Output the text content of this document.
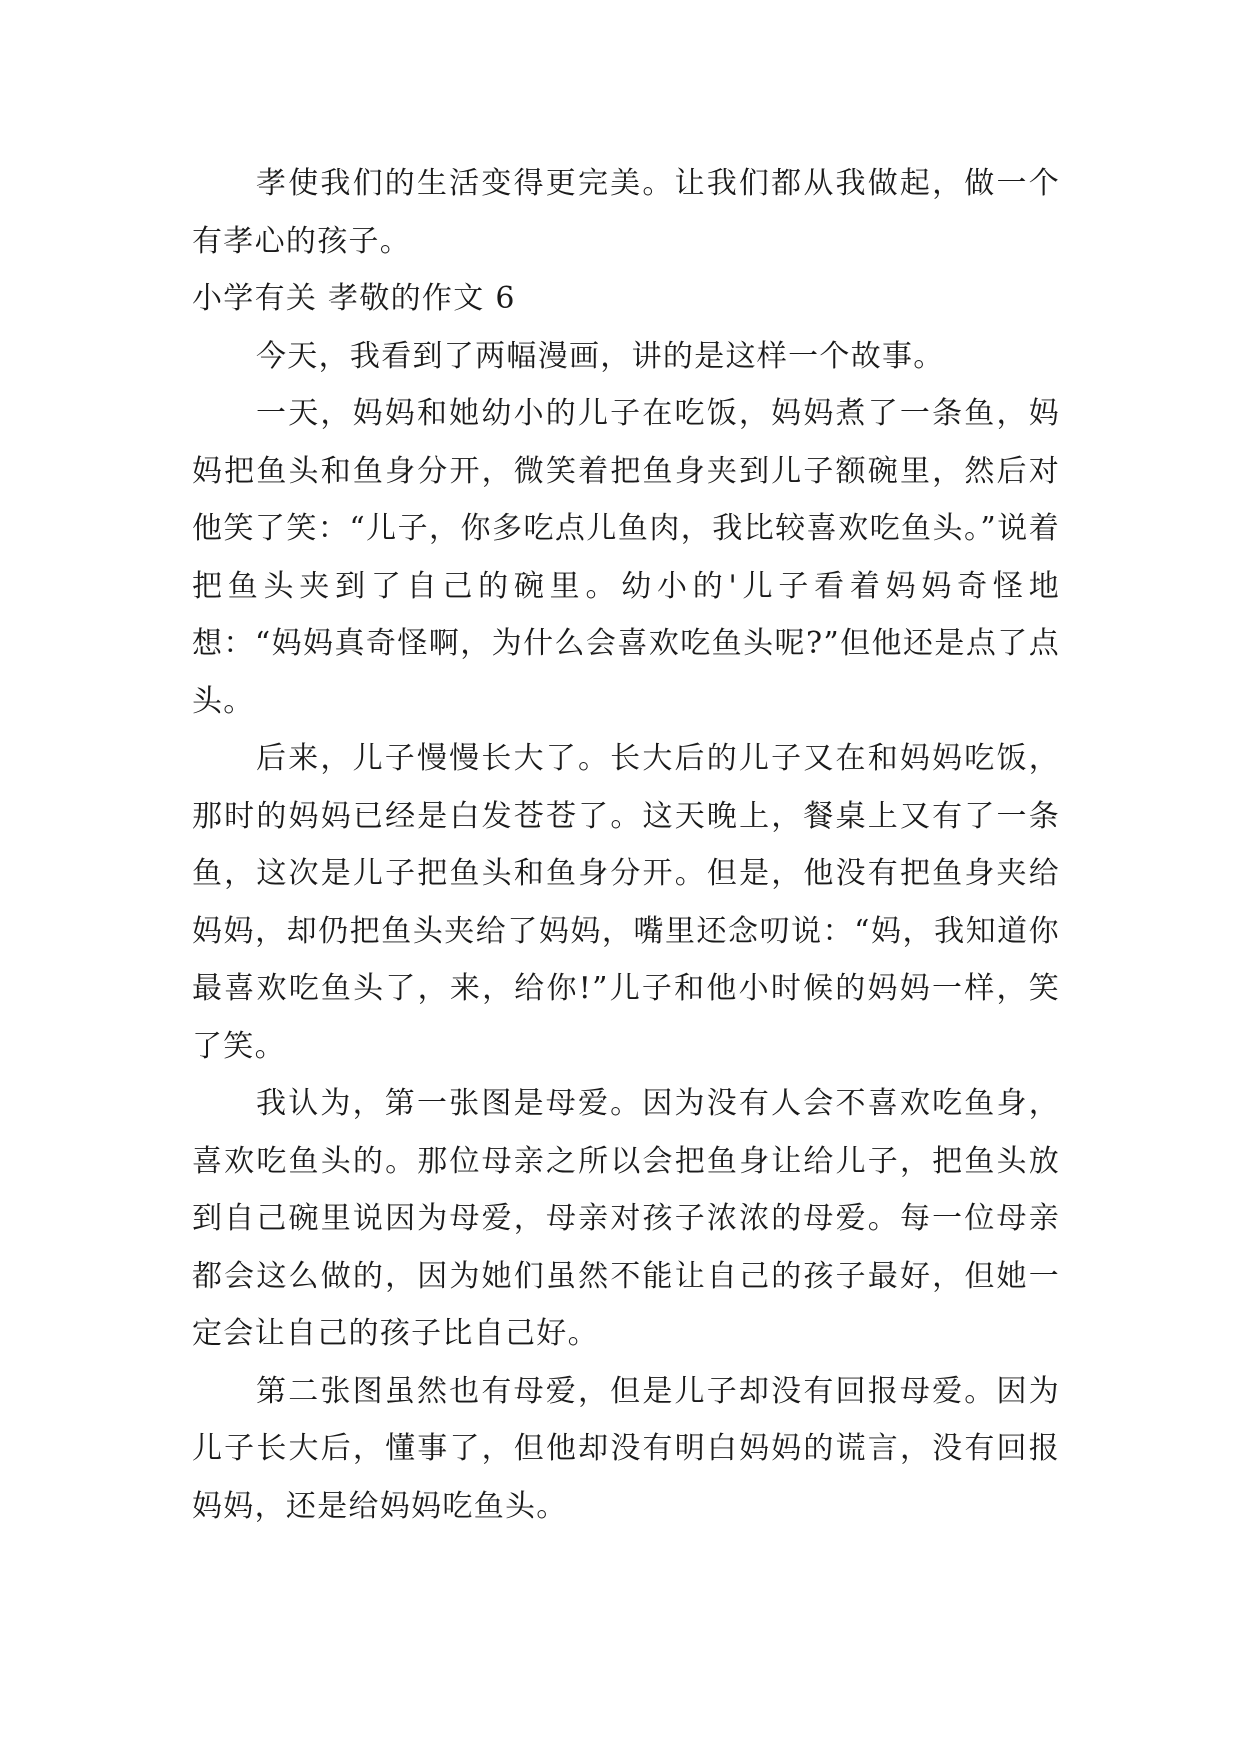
孝使我们的生活变得更完美。让我们都从我做起，做一个有孝心的孩子。

小学有关 孝敬的作文 6

今天，我看到了两幅漫画，讲的是这样一个故事。

一天，妈妈和她幼小的儿子在吃饭，妈妈煮了一条鱼，妈妈把鱼头和鱼身分开，微笑着把鱼身夹到儿子额碗里，然后对他笑了笑：“儿子，你多吃点儿鱼肉，我比较喜欢吃鱼头。”说着把鱼头夹到了自己的碗里。幼小的'儿子看着妈妈奇怪地想：“妈妈真奇怪啊，为什么会喜欢吃鱼头呢?”但他还是点了点头。

后来，儿子慢慢长大了。长大后的儿子又在和妈妈吃饭，那时的妈妈已经是白发苍苍了。这天晚上，餐桌上又有了一条鱼，这次是儿子把鱼头和鱼身分开。但是，他没有把鱼身夹给妈妈，却仍把鱼头夹给了妈妈，嘴里还念叨说：“妈，我知道你最喜欢吃鱼头了，来，给你!”儿子和他小时候的妈妈一样，笑了笑。

我认为，第一张图是母爱。因为没有人会不喜欢吃鱼身，喜欢吃鱼头的。那位母亲之所以会把鱼身让给儿子，把鱼头放到自己碗里说因为母爱，母亲对孩子浓浓的母爱。每一位母亲都会这么做的，因为她们虽然不能让自己的孩子最好，但她一定会让自己的孩子比自己好。

第二张图虽然也有母爱，但是儿子却没有回报母爱。因为儿子长大后，懂事了，但他却没有明白妈妈的谎言，没有回报妈妈，还是给妈妈吃鱼头。
